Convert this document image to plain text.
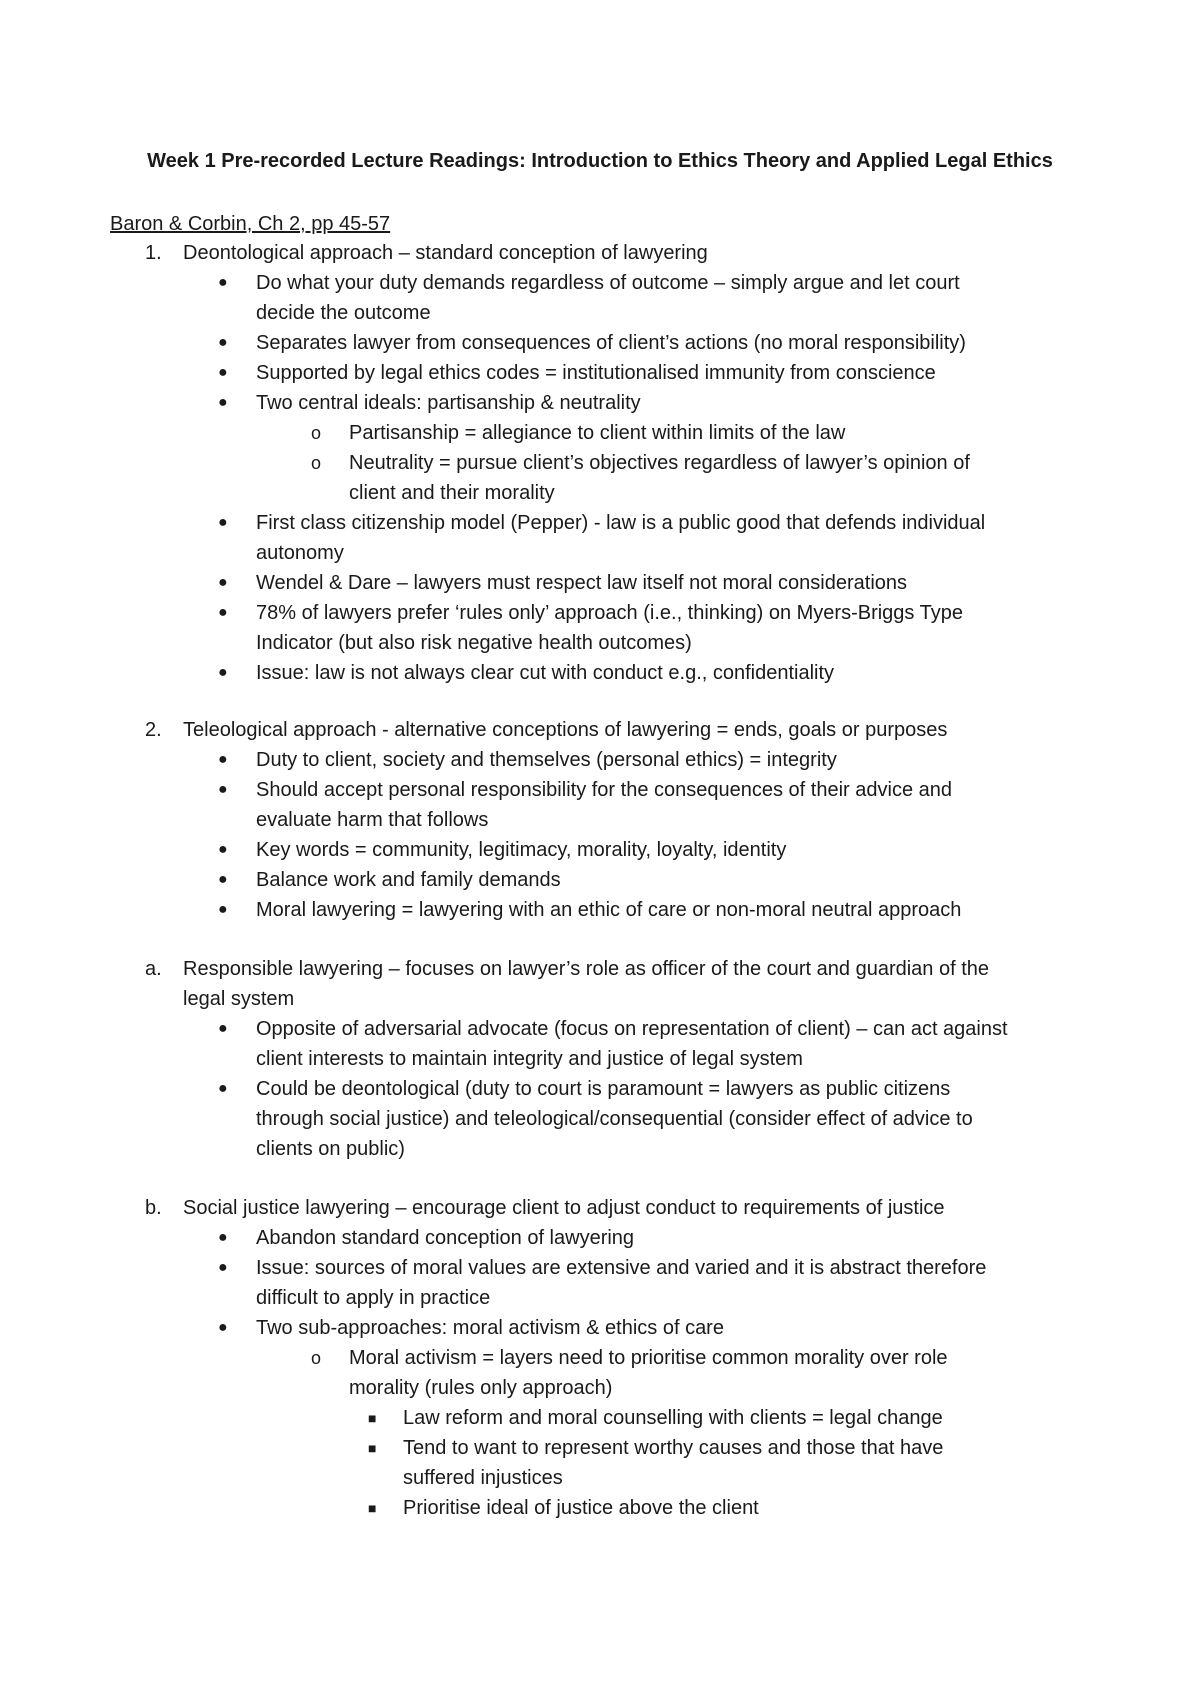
Week 1 Pre-recorded Lecture Readings: Introduction to Ethics Theory and Applied Legal Ethics
Baron & Corbin, Ch 2, pp 45-57
1. Deontological approach – standard conception of lawyering
● Do what your duty demands regardless of outcome – simply argue and let court
decide the outcome
● Separates lawyer from consequences of client’s actions (no moral responsibility)
● Supported by legal ethics codes = institutionalised immunity from conscience
● Two central ideals: partisanship & neutrality
o Partisanship = allegiance to client within limits of the law
o Neutrality = pursue client’s objectives regardless of lawyer’s opinion of
client and their morality
● First class citizenship model (Pepper) - law is a public good that defends individual
autonomy
● Wendel & Dare – lawyers must respect law itself not moral considerations
● 78% of lawyers prefer ‘rules only’ approach (i.e., thinking) on Myers-Briggs Type
Indicator (but also risk negative health outcomes)
● Issue: law is not always clear cut with conduct e.g., confidentiality
2. Teleological approach - alternative conceptions of lawyering = ends, goals or purposes
● Duty to client, society and themselves (personal ethics) = integrity
● Should accept personal responsibility for the consequences of their advice and
evaluate harm that follows
● Key words = community, legitimacy, morality, loyalty, identity
● Balance work and family demands
● Moral lawyering = lawyering with an ethic of care or non-moral neutral approach
a. Responsible lawyering – focuses on lawyer’s role as officer of the court and guardian of the
legal system
● Opposite of adversarial advocate (focus on representation of client) – can act against
client interests to maintain integrity and justice of legal system
● Could be deontological (duty to court is paramount = lawyers as public citizens
through social justice) and teleological/consequential (consider effect of advice to
clients on public)
b. Social justice lawyering – encourage client to adjust conduct to requirements of justice
● Abandon standard conception of lawyering
● Issue: sources of moral values are extensive and varied and it is abstract therefore
difficult to apply in practice
● Two sub-approaches: moral activism & ethics of care
o Moral activism = layers need to prioritise common morality over role
morality (rules only approach)
■ Law reform and moral counselling with clients = legal change
■ Tend to want to represent worthy causes and those that have
suffered injustices
■ Prioritise ideal of justice above the client
